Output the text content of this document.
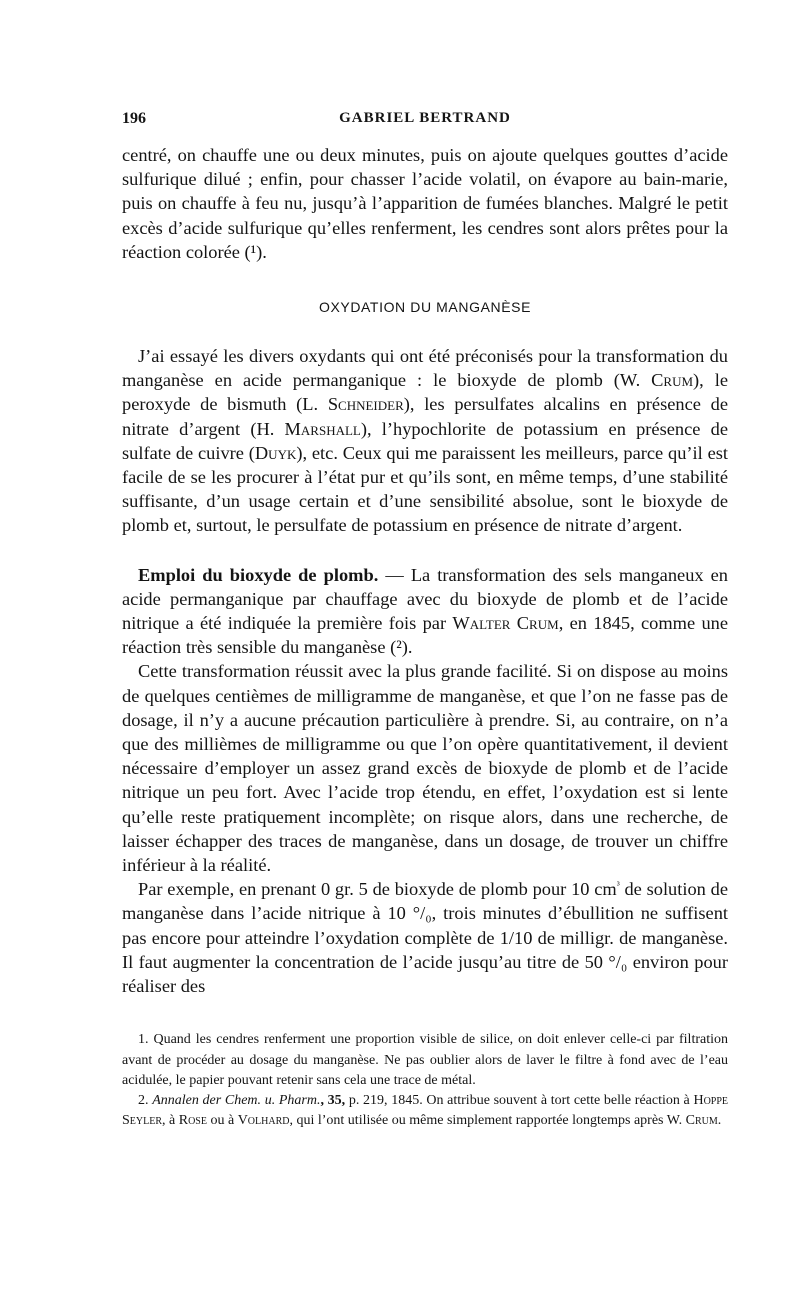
196	GABRIEL BERTRAND

centré, on chauffe une ou deux minutes, puis on ajoute quelques gouttes d’acide sulfurique dilué ; enfin, pour chasser l’acide volatil, on évapore au bain-marie, puis on chauffe à feu nu, jusqu’à l’apparition de fumées blanches. Malgré le petit excès d’acide sulfurique qu’elles renferment, les cendres sont alors prêtes pour la réaction colorée (¹).

OXYDATION DU MANGANÈSE

J’ai essayé les divers oxydants qui ont été préconisés pour la transformation du manganèse en acide permanganique : le bioxyde de plomb (W. Crum), le peroxyde de bismuth (L. Schneider), les persulfates alcalins en présence de nitrate d’argent (H. Marshall), l’hypochlorite de potassium en présence de sulfate de cuivre (Duyk), etc. Ceux qui me paraissent les meilleurs, parce qu’il est facile de se les procurer à l’état pur et qu’ils sont, en même temps, d’une stabilité suffisante, d’un usage certain et d’une sensibilité absolue, sont le bioxyde de plomb et, surtout, le persulfate de potassium en présence de nitrate d’argent.

Emploi du bioxyde de plomb. — La transformation des sels manganeux en acide permanganique par chauffage avec du bioxyde de plomb et de l’acide nitrique a été indiquée la première fois par Walter Crum, en 1845, comme une réaction très sensible du manganèse (²).

Cette transformation réussit avec la plus grande facilité. Si on dispose au moins de quelques centièmes de milligramme de manganèse, et que l’on ne fasse pas de dosage, il n’y a aucune précaution particulière à prendre. Si, au contraire, on n’a que des millièmes de milligramme ou que l’on opère quantitativement, il devient nécessaire d’employer un assez grand excès de bioxyde de plomb et de l’acide nitrique un peu fort. Avec l’acide trop étendu, en effet, l’oxydation est si lente qu’elle reste pratiquement incomplète; on risque alors, dans une recherche, de laisser échapper des traces de manganèse, dans un dosage, de trouver un chiffre inférieur à la réalité.

Par exemple, en prenant 0 gr. 5 de bioxyde de plomb pour 10 $cm^{^3}$ de solution de manganèse dans l’acide nitrique à 10 °/₀, trois minutes d’ébullition ne suffisent pas encore pour atteindre l’oxydation complète de 1/10 de milligr. de manganèse. Il faut augmenter la concentration de l’acide jusqu’au titre de 50 °/₀ environ pour réaliser des

1. Quand les cendres renferment une proportion visible de silice, on doit enlever celle-ci par filtration avant de procéder au dosage du manganèse. Ne pas oublier alors de laver le filtre à fond avec de l’eau acidulée, le papier pouvant retenir sans cela une trace de métal.

2. Annalen der Chem. u. Pharm., 35, p. 219, 1845. On attribue souvent à tort cette belle réaction à Hoppe Seyler, à Rose ou à Volhard, qui l’ont utilisée ou même simplement rapportée longtemps après W. Crum.
